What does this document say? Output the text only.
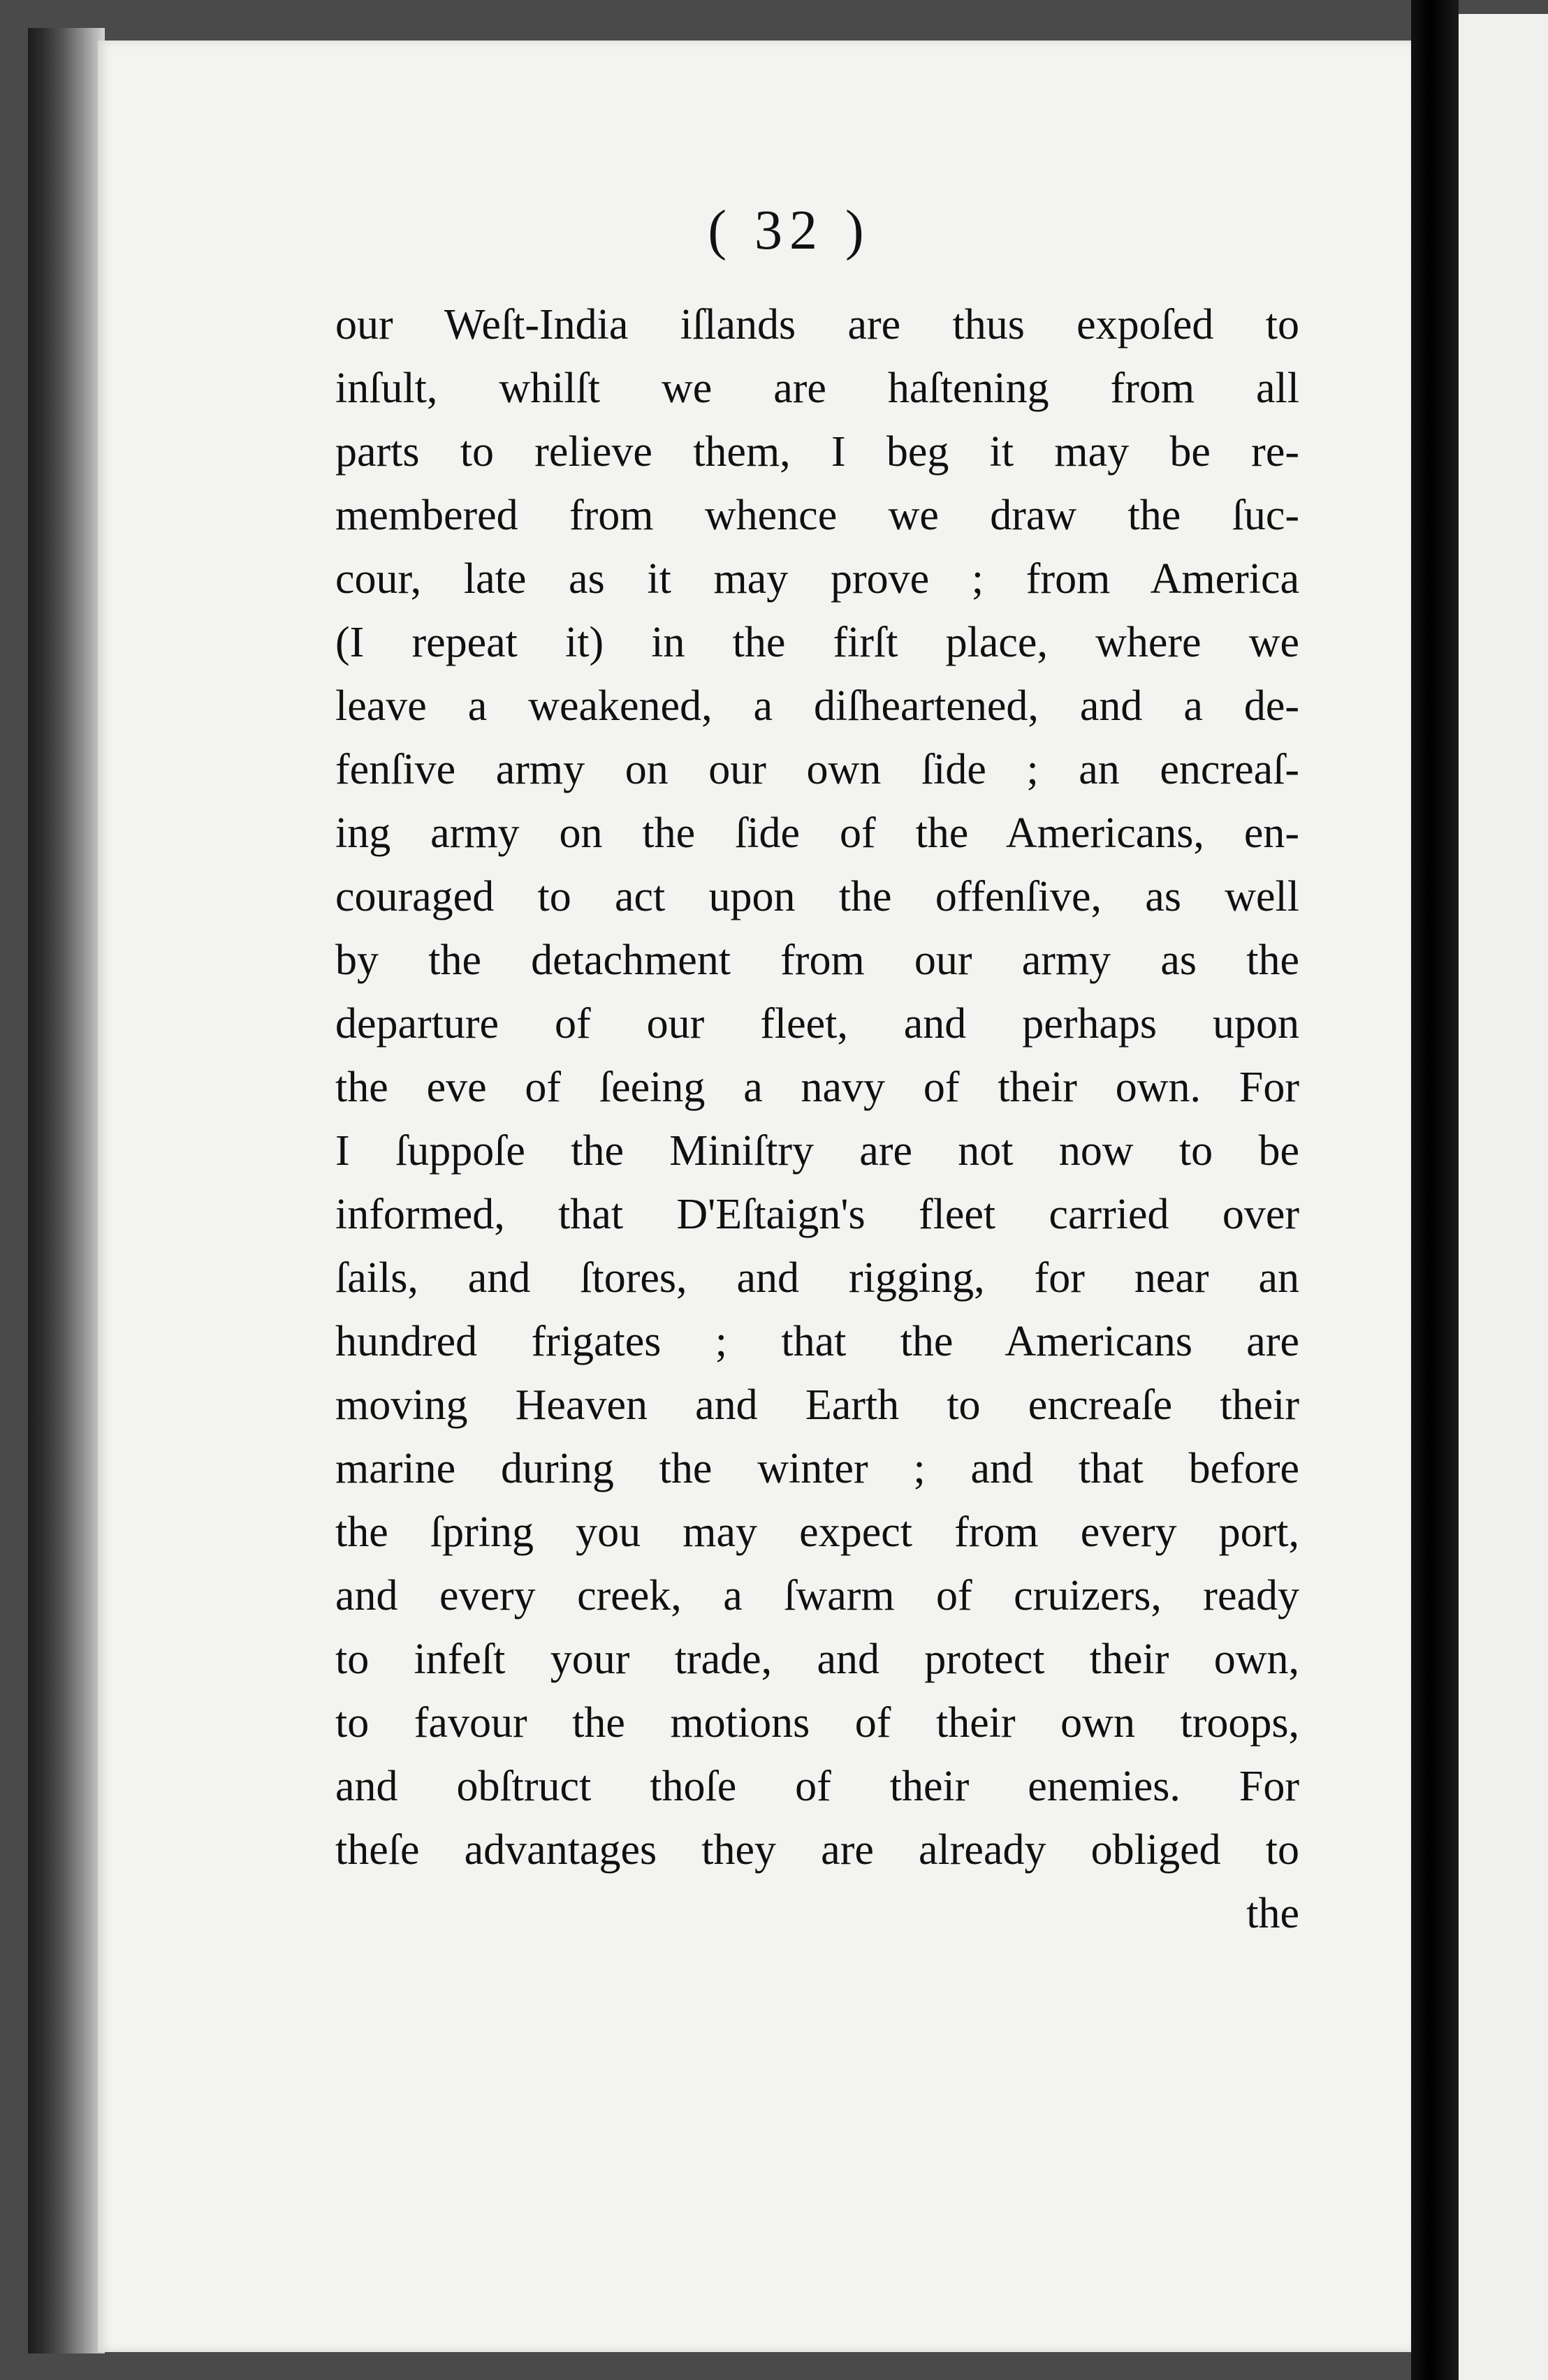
( 32 )
our Weſt-India iſlands are thus expoſed to
inſult, whilſt we are haſtening from all
parts to relieve them, I beg it may be re-
membered from whence we draw the ſuc-
cour, late as it may prove ; from America
(I repeat it) in the firſt place, where we
leave a weakened, a diſheartened, and a de-
fenſive army on our own ſide ; an encreaſ-
ing army on the ſide of the Americans, en-
couraged to act upon the offenſive, as well
by the detachment from our army as the
departure of our fleet, and perhaps upon
the eve of ſeeing a navy of their own. For
I ſuppoſe the Miniſtry are not now to be
informed, that D'Eſtaign's fleet carried over
ſails, and ſtores, and rigging, for near an
hundred frigates ; that the Americans are
moving Heaven and Earth to encreaſe their
marine during the winter ; and that before
the ſpring you may expect from every port,
and every creek, a ſwarm of cruizers, ready
to infeſt your trade, and protect their own,
to favour the motions of their own troops,
and obſtruct thoſe of their enemies. For
theſe advantages they are already obliged to
the
